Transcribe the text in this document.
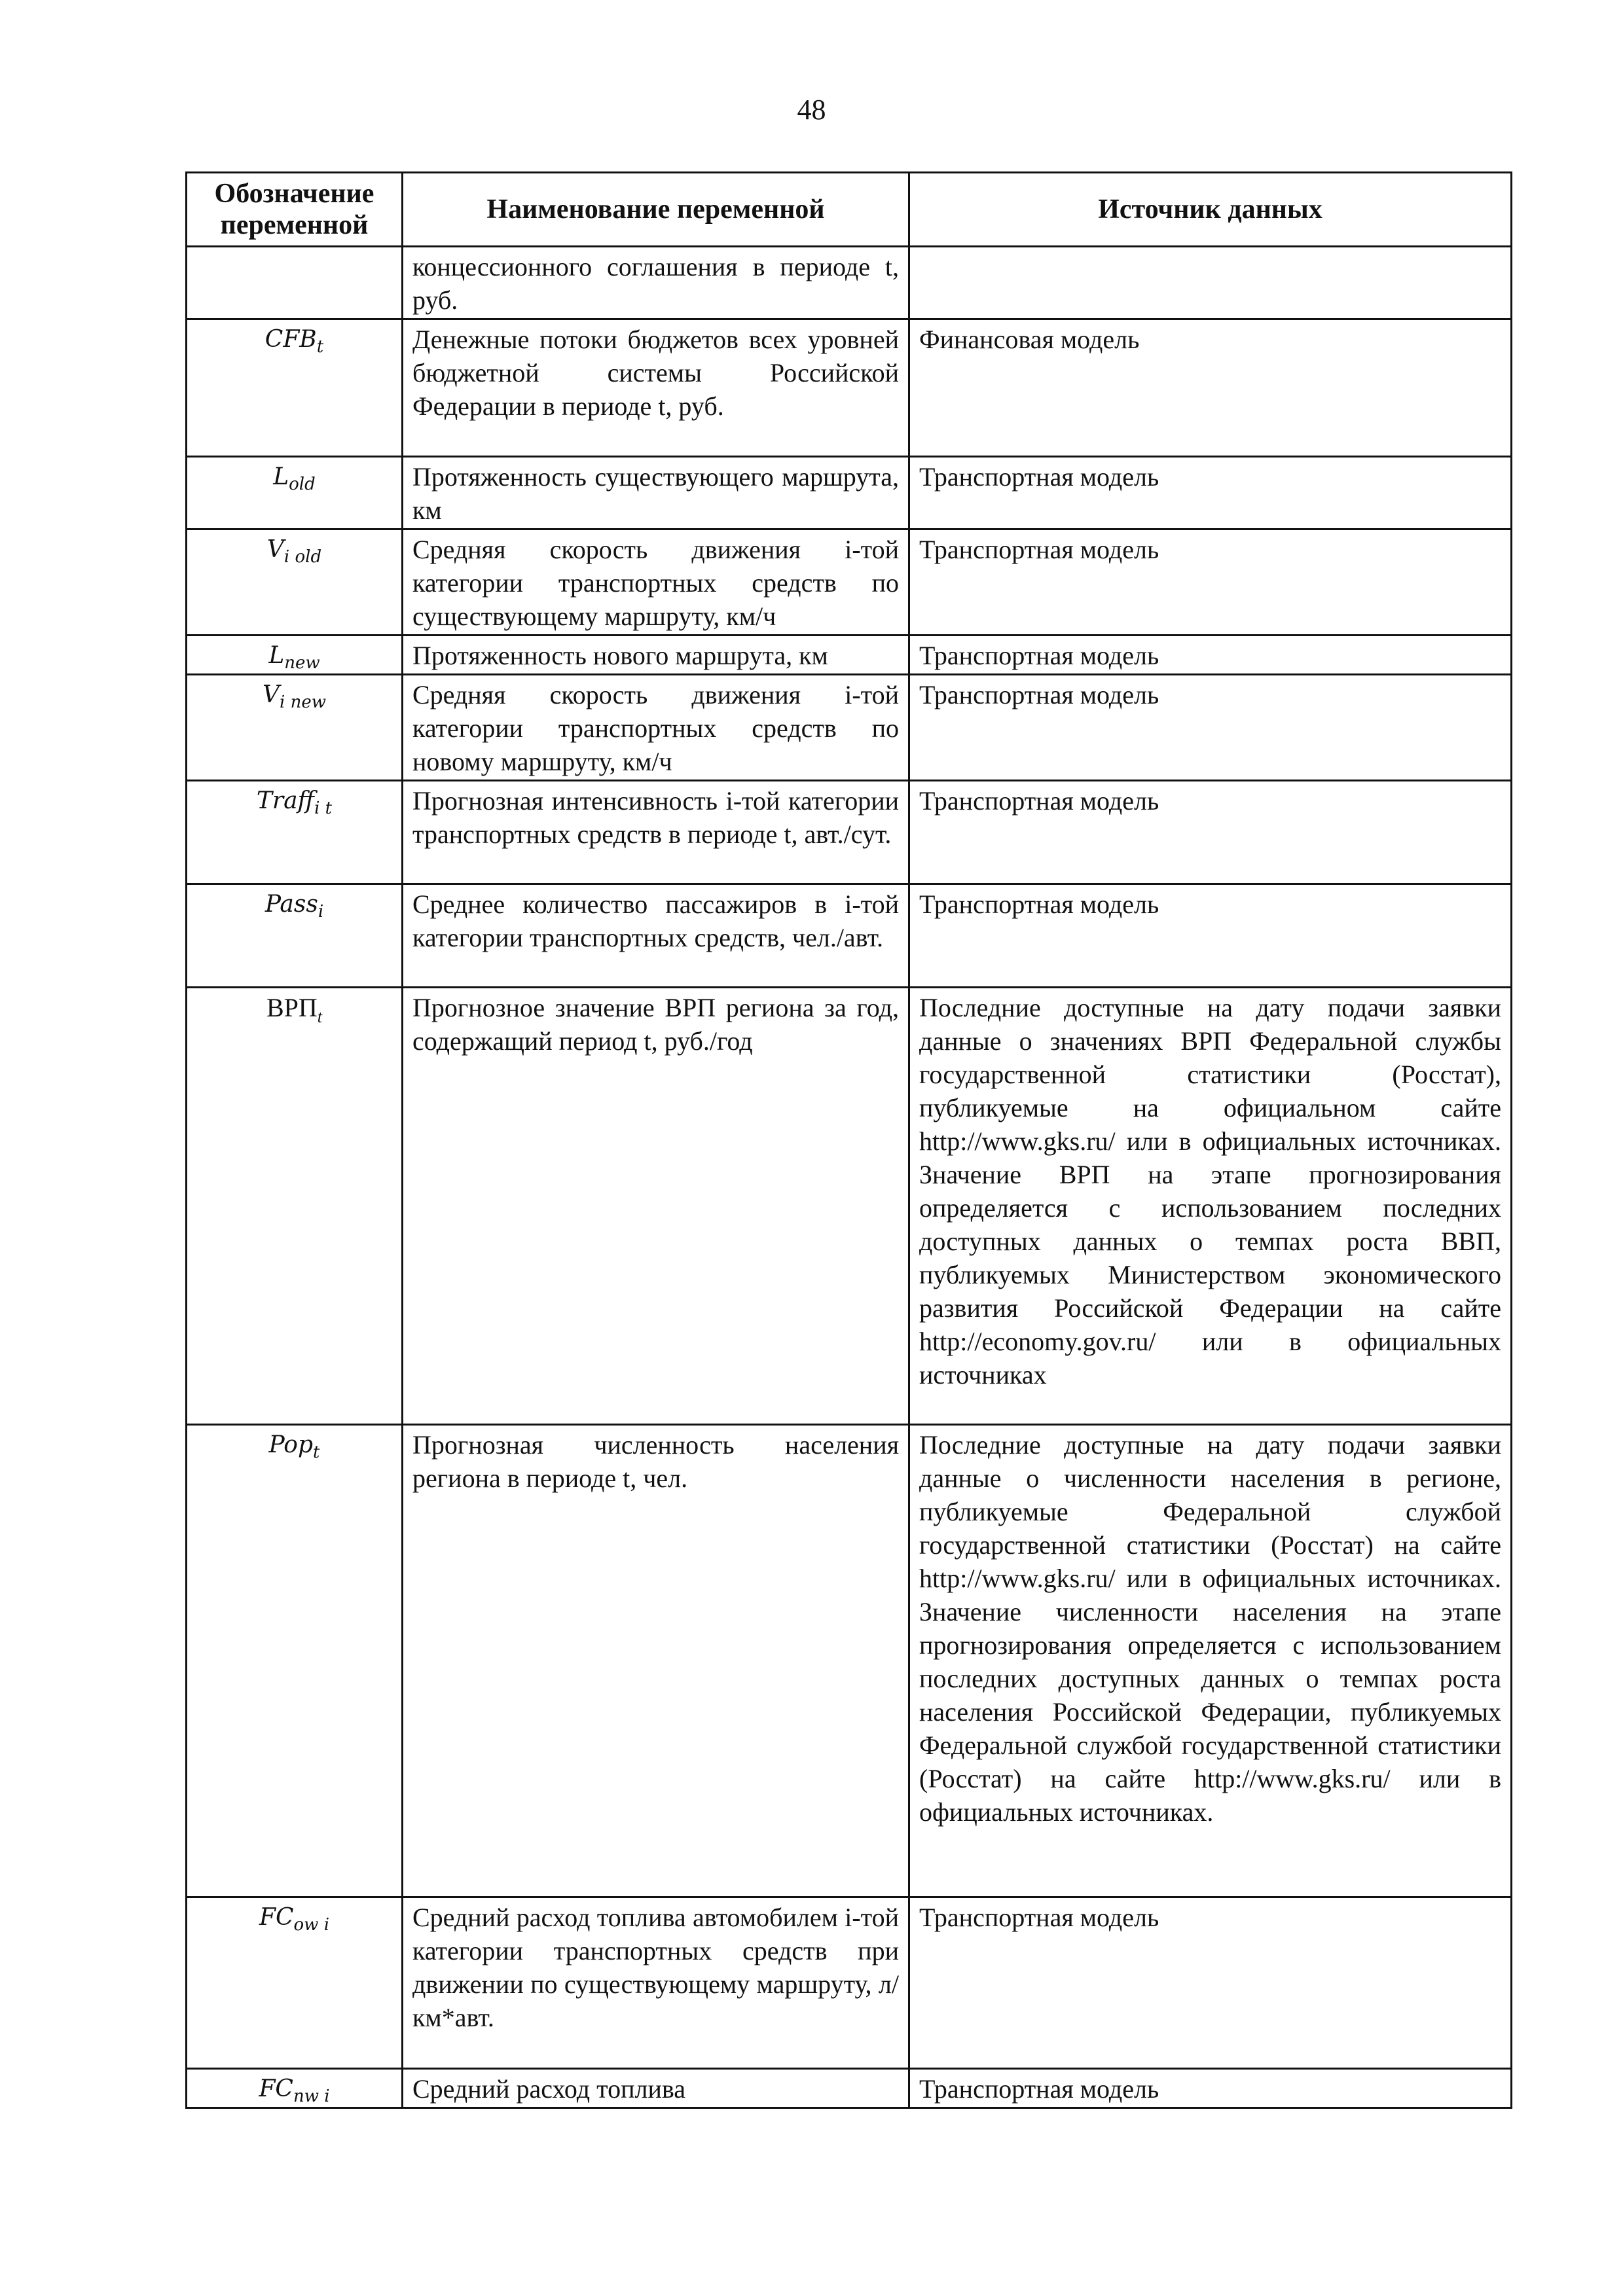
48
Обозначение переменной	Наименование переменной	Источник данных
	концессионного соглашения в периоде t, руб.	
$CFB_t$	Денежные потоки бюджетов всех уровней бюджетной системы Российской Федерации в периоде t, руб.	Финансовая модель
$L_{old}$	Протяженность существующего маршрута, км	Транспортная модель
$V_{i old}$	Средняя скорость движения i-той категории транспортных средств по существующему маршруту, км/ч	Транспортная модель
$L_{new}$	Протяженность нового маршрута, км	Транспортная модель
$V_{i new}$	Средняя скорость движения i-той категории транспортных средств по новому маршруту, км/ч	Транспортная модель
Traff$_{i t}$	Прогнозная интенсивность i-той категории транспортных средств в периоде t, авт./сут.	Транспортная модель
Pass$_i$	Среднее количество пассажиров в i-той категории транспортных средств, чел./авт.	Транспортная модель
$ВРП_t$	Прогнозное значение ВРП региона за год, содержащий период t, руб./год	Последние доступные на дату подачи заявки данные о значениях ВРП Федеральной службы государственной статистики (Росстат), публикуемые на официальном сайте http://www.gks.ru/ или в официальных источниках. Значение ВРП на этапе прогнозирования определяется с использованием последних доступных данных о темпах роста ВВП, публикуемых Министерством экономического развития Российской Федерации на сайте http://economy.gov.ru/ или в официальных источниках
Pop$_t$	Прогнозная численность населения региона в периоде t, чел.	Последние доступные на дату подачи заявки данные о численности населения в регионе, публикуемые Федеральной службой государственной статистики (Росстат) на сайте http://www.gks.ru/ или в официальных источниках. Значение численности населения на этапе прогнозирования определяется с использованием последних доступных данных о темпах роста населения Российской Федерации, публикуемых Федеральной службой государственной статистики (Росстат) на сайте http://www.gks.ru/ или в официальных источниках.
$FC_{ow i}$	Средний расход топлива автомобилем i-той категории транспортных средств при движении по существующему маршруту, л/км*авт.	Транспортная модель
$FC_{nw i}$	Средний расход топлива	Транспортная модель
